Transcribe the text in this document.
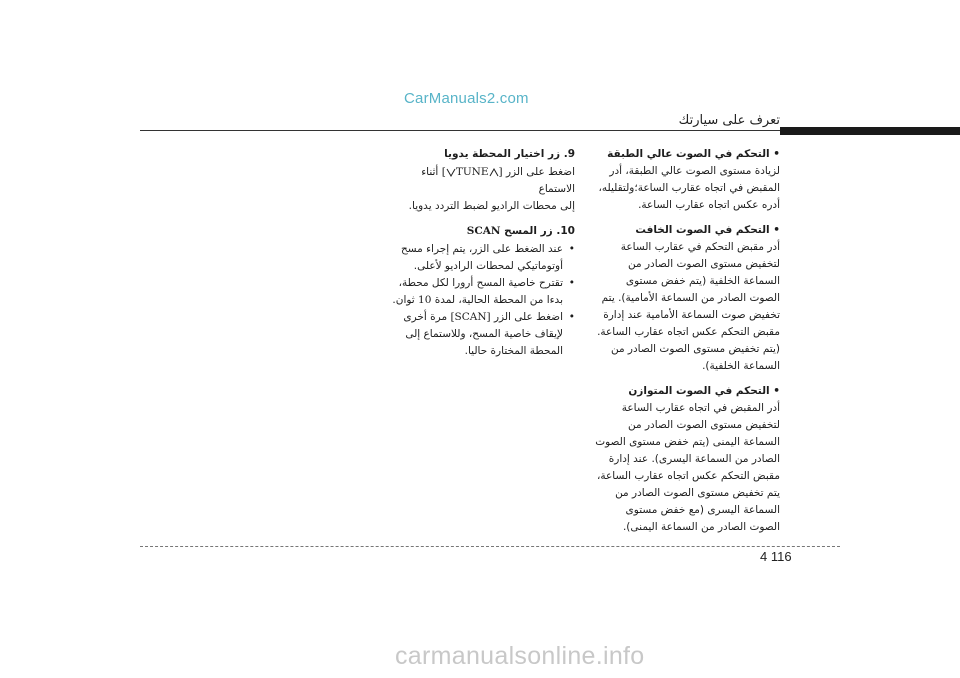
CarManuals2.com
تعرف على سيارتك
• التحكم في الصوت عالي الطبقة
لزيادة مستوى الصوت عالي الطبقة، أدر المقبض في اتجاه عقارب الساعة؛ولتقليله، أدره عكس اتجاه عقارب الساعة.
• التحكم في الصوت الخافت
أدر مقبض التحكم في عقارب الساعة لتخفيض مستوى الصوت الصادر من السماعة الخلفية (يتم خفض مستوى الصوت الصادر من السماعة الأمامية). يتم تخفيض صوت السماعة الأمامية عند إدارة مقبض التحكم عكس اتجاه عقارب الساعة. (يتم تخفيض مستوى الصوت الصادر من السماعة الخلفية).
• التحكم في الصوت المتوازن
أدر المقبض في اتجاه عقارب الساعة لتخفيض مستوى الصوت الصادر من السماعة اليمنى (يتم خفض مستوى الصوت الصادر من السماعة اليسرى). عند إدارة مقبض التحكم عكس اتجاه عقارب الساعة، يتم تخفيض مستوى الصوت الصادر من السماعة اليسرى (مع خفض مستوى الصوت الصادر من السماعة اليمنى).
9. زر اختيار المحطة يدويا
اضغط على الزر [ TUNE ] أثناء الاستماع
إلى محطات الراديو لضبط التردد يدويا.
10. زر المسح SCAN
• عند الضغط على الزر، يتم إجراء مسح أوتوماتيكي لمحطات الراديو لأعلى.
• تقترح خاصية المسح أرورا لكل محطة، بدءا من المحطة الحالية، لمدة 10 ثوان.
• اضغط على الزر [SCAN] مرة أخرى لإيقاف خاصية المسح، وللاستماع إلى المحطة المختارة حاليا.
4 116
carmanualsonline.info
